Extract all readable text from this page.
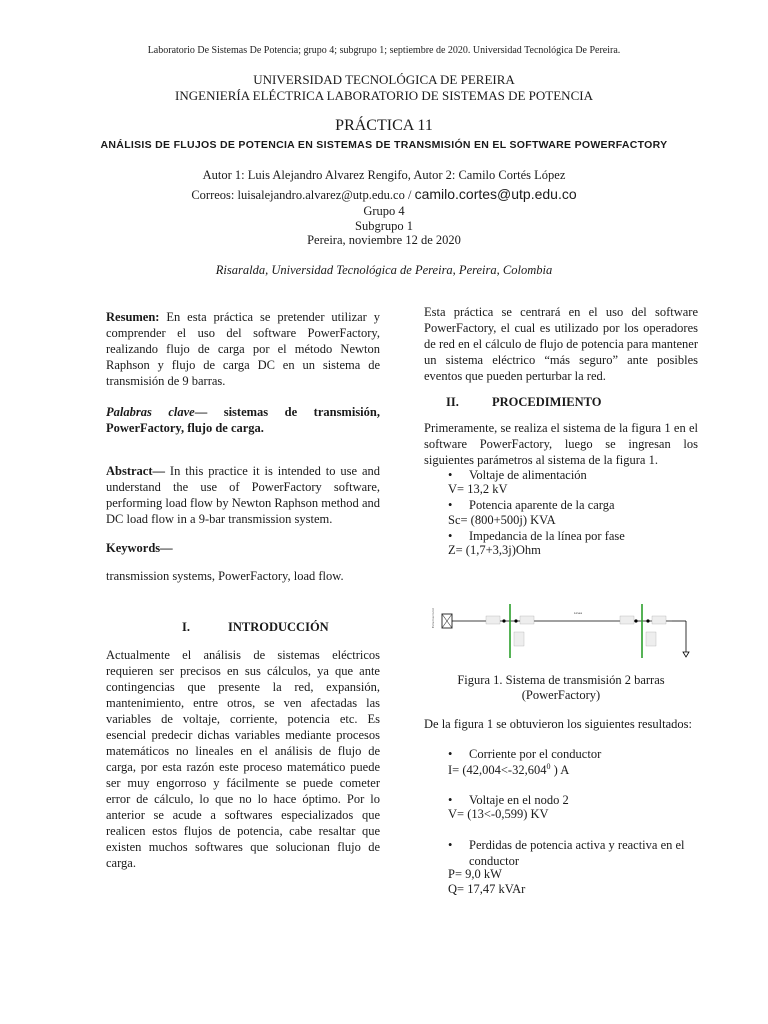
Laboratorio De Sistemas De Potencia; grupo 4; subgrupo 1; septiembre de 2020. Universidad Tecnológica De Pereira.
UNIVERSIDAD TECNOLÓGICA DE PEREIRA
INGENIERÍA ELÉCTRICA LABORATORIO DE SISTEMAS DE POTENCIA
PRÁCTICA 11
ANÁLISIS DE FLUJOS DE POTENCIA EN SISTEMAS DE TRANSMISIÓN EN EL SOFTWARE POWERFACTORY
Autor 1: Luis Alejandro Alvarez Rengifo, Autor 2: Camilo Cortés López
Correos: luisalejandro.alvarez@utp.edu.co / camilo.cortes@utp.edu.co
Grupo 4
Subgrupo 1
Pereira, noviembre 12 de 2020
Risaralda, Universidad Tecnológica de Pereira, Pereira, Colombia
Resumen: En esta práctica se pretender utilizar y comprender el uso del software PowerFactory, realizando flujo de carga por el método Newton Raphson y flujo de carga DC en un sistema de transmisión de 9 barras.
Palabras clave— sistemas de transmisión, PowerFactory, flujo de carga.
Abstract— In this practice it is intended to use and understand the use of PowerFactory software, performing load flow by Newton Raphson method and DC load flow in a 9-bar transmission system.
Keywords—
transmission systems, PowerFactory, load flow.
I.	INTRODUCCIÓN
Actualmente el análisis de sistemas eléctricos requieren ser precisos en sus cálculos, ya que ante contingencias que presente la red, expansión, mantenimiento, entre otros, se ven afectadas las variables de voltaje, corriente, potencia etc. Es esencial predecir dichas variables mediante procesos matemáticos no lineales en el análisis de flujo de carga, por esta razón este proceso matemático puede ser muy engorroso y fácilmente se puede cometer error de cálculo, lo que no lo hace óptimo. Por lo anterior se acude a softwares especializados que realicen estos flujos de potencia, cabe resaltar que existen muchos softwares que solucionan flujo de carga.
Esta práctica se centrará en el uso del software PowerFactory, el cual es utilizado por los operadores de red en el cálculo de flujo de potencia para mantener un sistema eléctrico “más seguro” ante posibles eventos que pueden perturbar la red.
II.	PROCEDIMIENTO
Primeramente, se realiza el sistema de la figura 1 en el software PowerFactory, luego se ingresan los siguientes parámetros al sistema de la figura 1.
• Voltaje de alimentación
V= 13,2 kV
• Potencia aparente de la carga
Sc= (800+500j) KVA
• Impedancia de la línea por fase
Z= (1,7+3,3j)Ohm
External Grid	Linea
Figura 1. Sistema de transmisión 2 barras
(PowerFactory)
De la figura 1 se obtuvieron los siguientes resultados:
• Corriente por el conductor
$I= (42,004<-32,604^0$ ) A
• Voltaje en el nodo 2
V= (13<-0,599) KV
• Perdidas de potencia activa y reactiva en el conductor
P= 9,0 kW
Q= 17,47 kVAr
